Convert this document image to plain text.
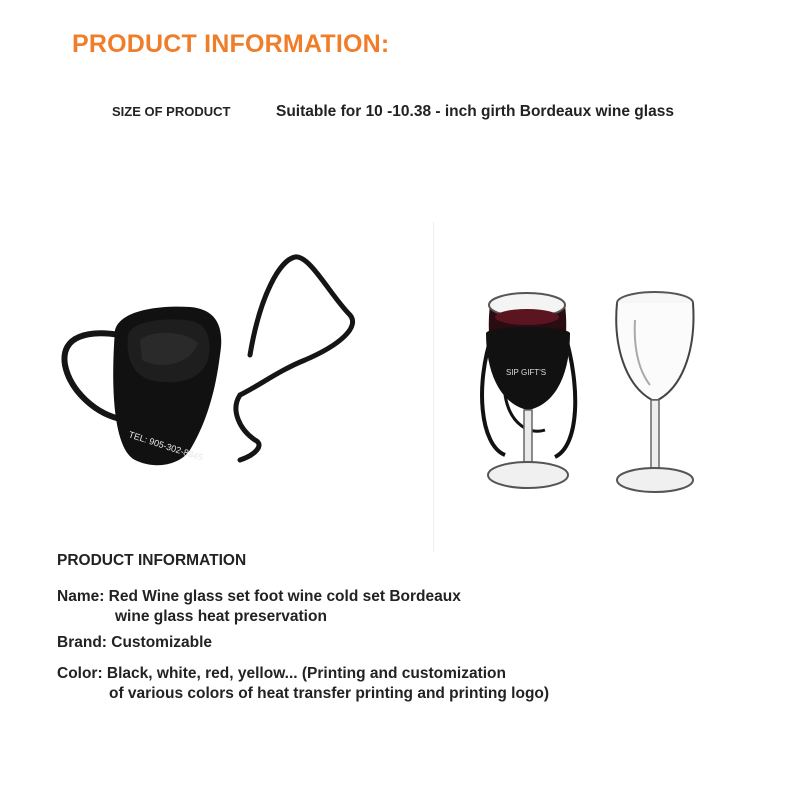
PRODUCT INFORMATION:
SIZE OF PRODUCT	Suitable for 10 -10.38 - inch girth Bordeaux wine glass
TEL: 905-302-8845
SIP GIFT'S
PRODUCT INFORMATION
Name: Red Wine glass set foot wine cold set Bordeaux
wine glass heat preservation
Brand: Customizable
Color: Black, white, red, yellow... (Printing and customization
of various colors of heat transfer printing and printing logo)
